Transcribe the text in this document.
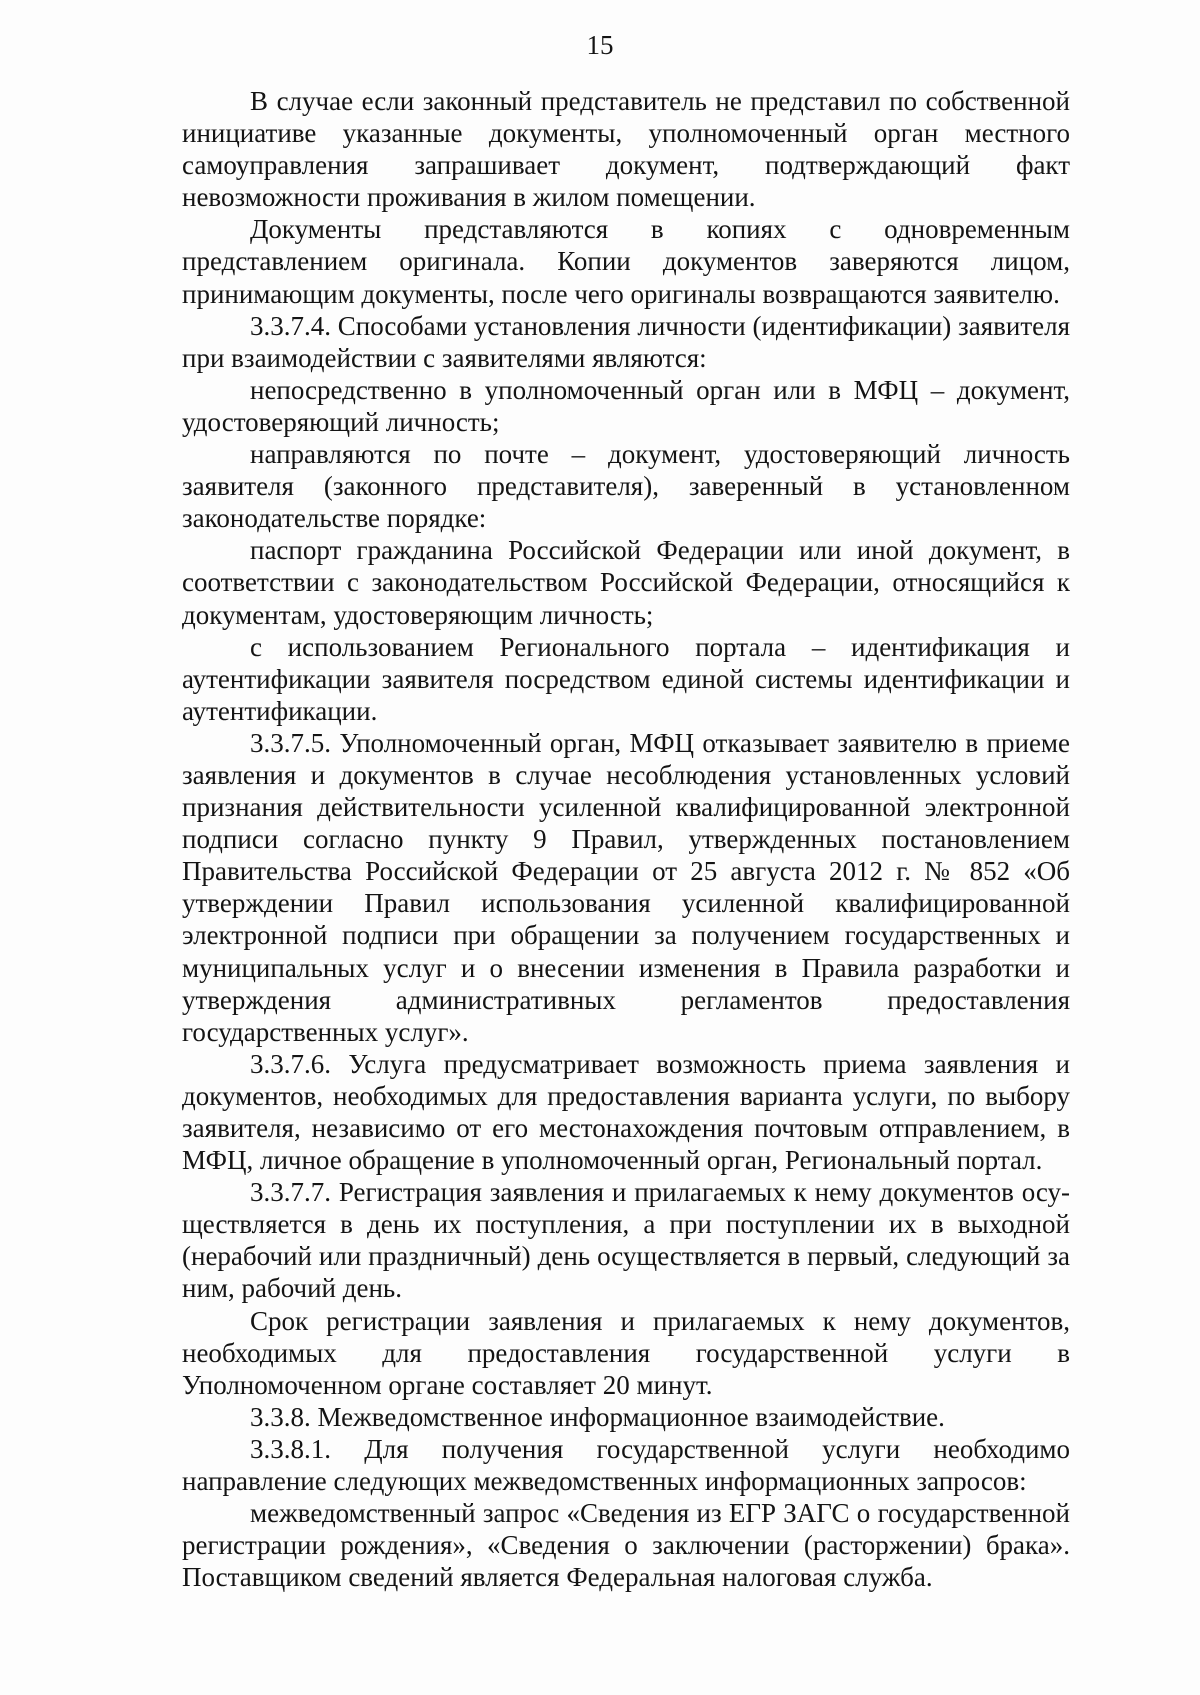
15

В случае если законный представитель не представил по собственной инициативе указанные документы, уполномоченный орган местного самоуправления запрашивает документ, подтверждающий факт невозможности проживания в жилом помещении.

Документы представляются в копиях с одновременным представлением оригинала. Копии документов заверяются лицом, принимающим документы, после чего оригиналы возвращаются заявителю.

3.3.7.4. Способами установления личности (идентификации) заявителя при взаимодействии с заявителями являются:

непосредственно в уполномоченный орган или в МФЦ – документ, удостоверяющий личность;

направляются по почте – документ, удостоверяющий личность заявителя (законного представителя), заверенный в установленном законодательстве порядке:

паспорт гражданина Российской Федерации или иной документ, в соответствии с законодательством Российской Федерации, относящийся к документам, удостоверяющим личность;

с использованием Регионального портала – идентификация и аутентификации заявителя посредством единой системы идентификации и аутентификации.

3.3.7.5. Уполномоченный орган, МФЦ отказывает заявителю в приеме заявления и документов в случае несоблюдения установленных условий признания действительности усиленной квалифицированной электронной подписи согласно пункту 9 Правил, утвержденных постановлением Правительства Российской Федерации от 25 августа 2012 г. № 852 «Об утверждении Правил использования усиленной квалифицированной электронной подписи при обращении за получением государственных и муниципальных услуг и о внесении изменения в Правила разработки и утверждения административных регламентов предоставления государственных услуг».

3.3.7.6. Услуга предусматривает возможность приема заявления и документов, необходимых для предоставления варианта услуги, по выбору заявителя, независимо от его местонахождения почтовым отправлением, в МФЦ, личное обращение в уполномоченный орган, Региональный портал.

3.3.7.7. Регистрация заявления и прилагаемых к нему документов осуществляется в день их поступления, а при поступлении их в выходной (нерабочий или праздничный) день осуществляется в первый, следующий за ним, рабочий день.

Срок регистрации заявления и прилагаемых к нему документов, необходимых для предоставления государственной услуги в Уполномоченном органе составляет 20 минут.

3.3.8. Межведомственное информационное взаимодействие.

3.3.8.1. Для получения государственной услуги необходимо направление следующих межведомственных информационных запросов:

межведомственный запрос «Сведения из ЕГР ЗАГС о государственной регистрации рождения», «Сведения о заключении (расторжении) брака». Поставщиком сведений является Федеральная налоговая служба.
